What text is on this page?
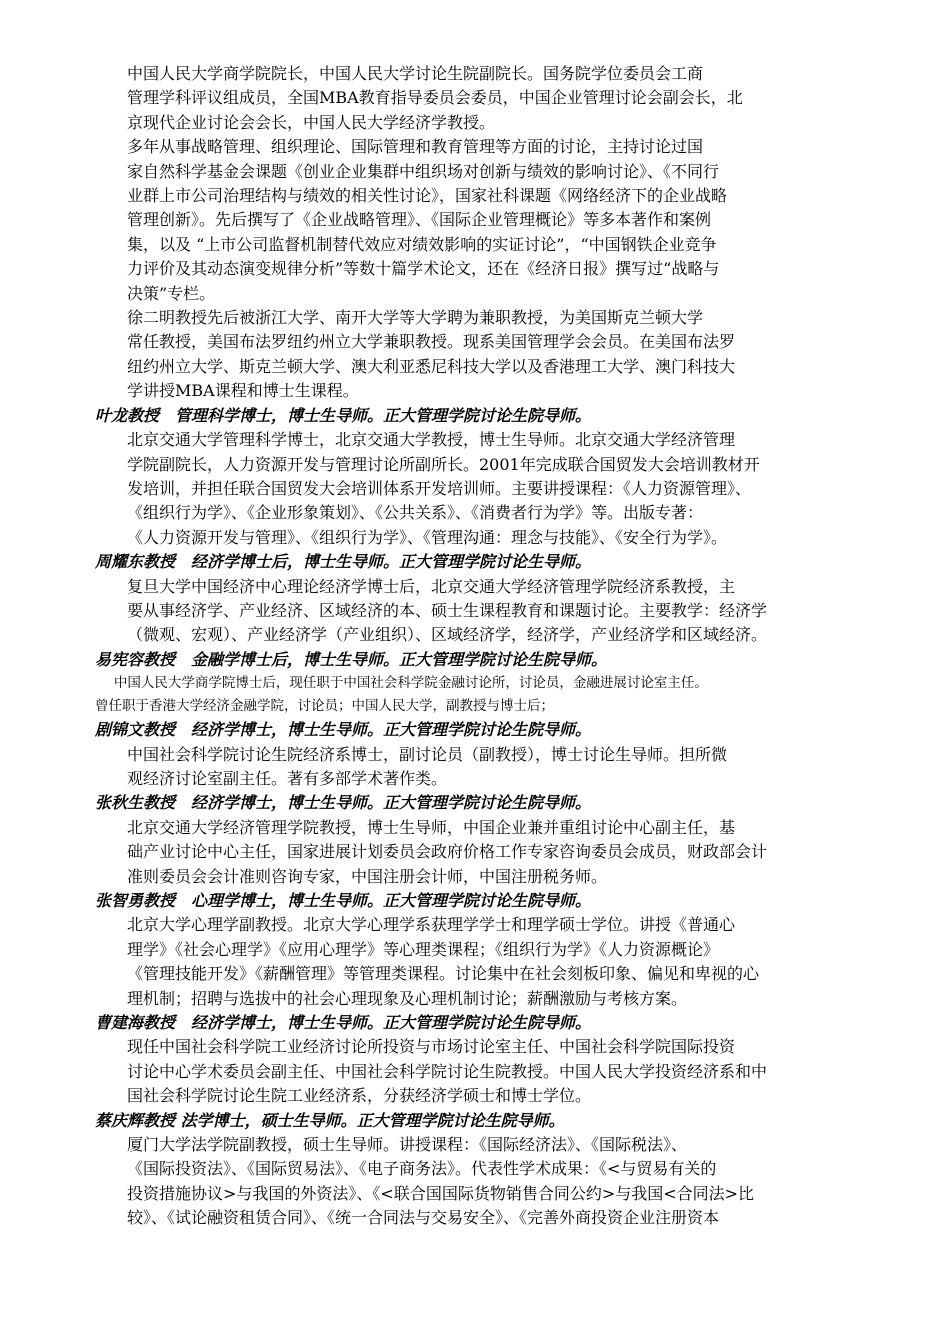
中国人民大学商学院院长，中国人民大学讨论生院副院长。国务院学位委员会工商
管理学科评议组成员，全国MBA教育指导委员会委员，中国企业管理讨论会副会长，北
京现代企业讨论会会长，中国人民大学经济学教授。

多年从事战略管理、组织理论、国际管理和教育管理等方面的讨论，主持讨论过国
家自然科学基金会课题《创业企业集群中组织场对创新与绩效的影响讨论》、《不同行
业群上市公司治理结构与绩效的相关性讨论》，国家社科课题《网络经济下的企业战略
管理创新》。先后撰写了《企业战略管理》、《国际企业管理概论》等多本著作和案例
集，以及 “上市公司监督机制替代效应对绩效影响的实证讨论”，“中国钢铁企业竞争
力评价及其动态演变规律分析”等数十篇学术论文，还在《经济日报》撰写过“战略与
决策”专栏。

徐二明教授先后被浙江大学、南开大学等大学聘为兼职教授，为美国斯克兰顿大学
常任教授，美国布法罗纽约州立大学兼职教授。现系美国管理学会会员。在美国布法罗
纽约州立大学、斯克兰顿大学、澳大利亚悉尼科技大学以及香港理工大学、澳门科技大
学讲授MBA课程和博士生课程。

叶龙教授　管理科学博士，博士生导师。正大管理学院讨论生院导师。

北京交通大学管理科学博士，北京交通大学教授，博士生导师。北京交通大学经济管理
学院副院长，人力资源开发与管理讨论所副所长。2001年完成联合国贸发大会培训教材开
发培训，并担任联合国贸发大会培训体系开发培训师。主要讲授课程：《人力资源管理》、
《组织行为学》、《企业形象策划》、《公共关系》、《消费者行为学》等。出版专著：
《人力资源开发与管理》、《组织行为学》、《管理沟通：理念与技能》、《安全行为学》。

周耀东教授　经济学博士后，博士生导师。正大管理学院讨论生导师。

复旦大学中国经济中心理论经济学博士后，北京交通大学经济管理学院经济系教授，主
要从事经济学、产业经济、区域经济的本、硕士生课程教育和课题讨论。主要教学：经济学
（微观、宏观）、产业经济学（产业组织）、区域经济学，经济学，产业经济学和区域经济。

易宪容教授　金融学博士后，博士生导师。正大管理学院讨论生院导师。

中国人民大学商学院博士后，现任职于中国社会科学院金融讨论所，讨论员，金融进展讨论室主任。
曾任职于香港大学经济金融学院，讨论员；中国人民大学，副教授与博士后；

剧锦文教授　经济学博士，博士生导师。正大管理学院讨论生院导师。

中国社会科学院讨论生院经济系博士，副讨论员（副教授），博士讨论生导师。担所微
观经济讨论室副主任。著有多部学术著作类。

张秋生教授　经济学博士，博士生导师。正大管理学院讨论生院导师。

北京交通大学经济管理学院教授，博士生导师，中国企业兼并重组讨论中心副主任，基
础产业讨论中心主任，国家进展计划委员会政府价格工作专家咨询委员会成员，财政部会计
准则委员会会计准则咨询专家，中国注册会计师，中国注册税务师。

张智勇教授　心理学博士，博士生导师。正大管理学院讨论生院导师。

北京大学心理学副教授。北京大学心理学系获理学学士和理学硕士学位。讲授《普通心
理学》《社会心理学》《应用心理学》等心理类课程；《组织行为学》《人力资源概论》
《管理技能开发》《薪酬管理》等管理类课程。讨论集中在社会刻板印象、偏见和卑视的心
理机制；招聘与选拔中的社会心理现象及心理机制讨论；薪酬激励与考核方案。

曹建海教授　经济学博士，博士生导师。正大管理学院讨论生院导师。

现任中国社会科学院工业经济讨论所投资与市场讨论室主任、中国社会科学院国际投资
讨论中心学术委员会副主任、中国社会科学院讨论生院教授。中国人民大学投资经济系和中
国社会科学院讨论生院工业经济系，分获经济学硕士和博士学位。

蔡庆辉教授 法学博士，硕士生导师。正大管理学院讨论生院导师。

厦门大学法学院副教授，硕士生导师。讲授课程：《国际经济法》、《国际税法》、
《国际投资法》、《国际贸易法》、《电子商务法》。代表性学术成果：《<与贸易有关的
投资措施协议>与我国的外资法》、《<联合国国际货物销售合同公约>与我国<合同法>比
较》、《试论融资租赁合同》、《统一合同法与交易安全》、《完善外商投资企业注册资本
